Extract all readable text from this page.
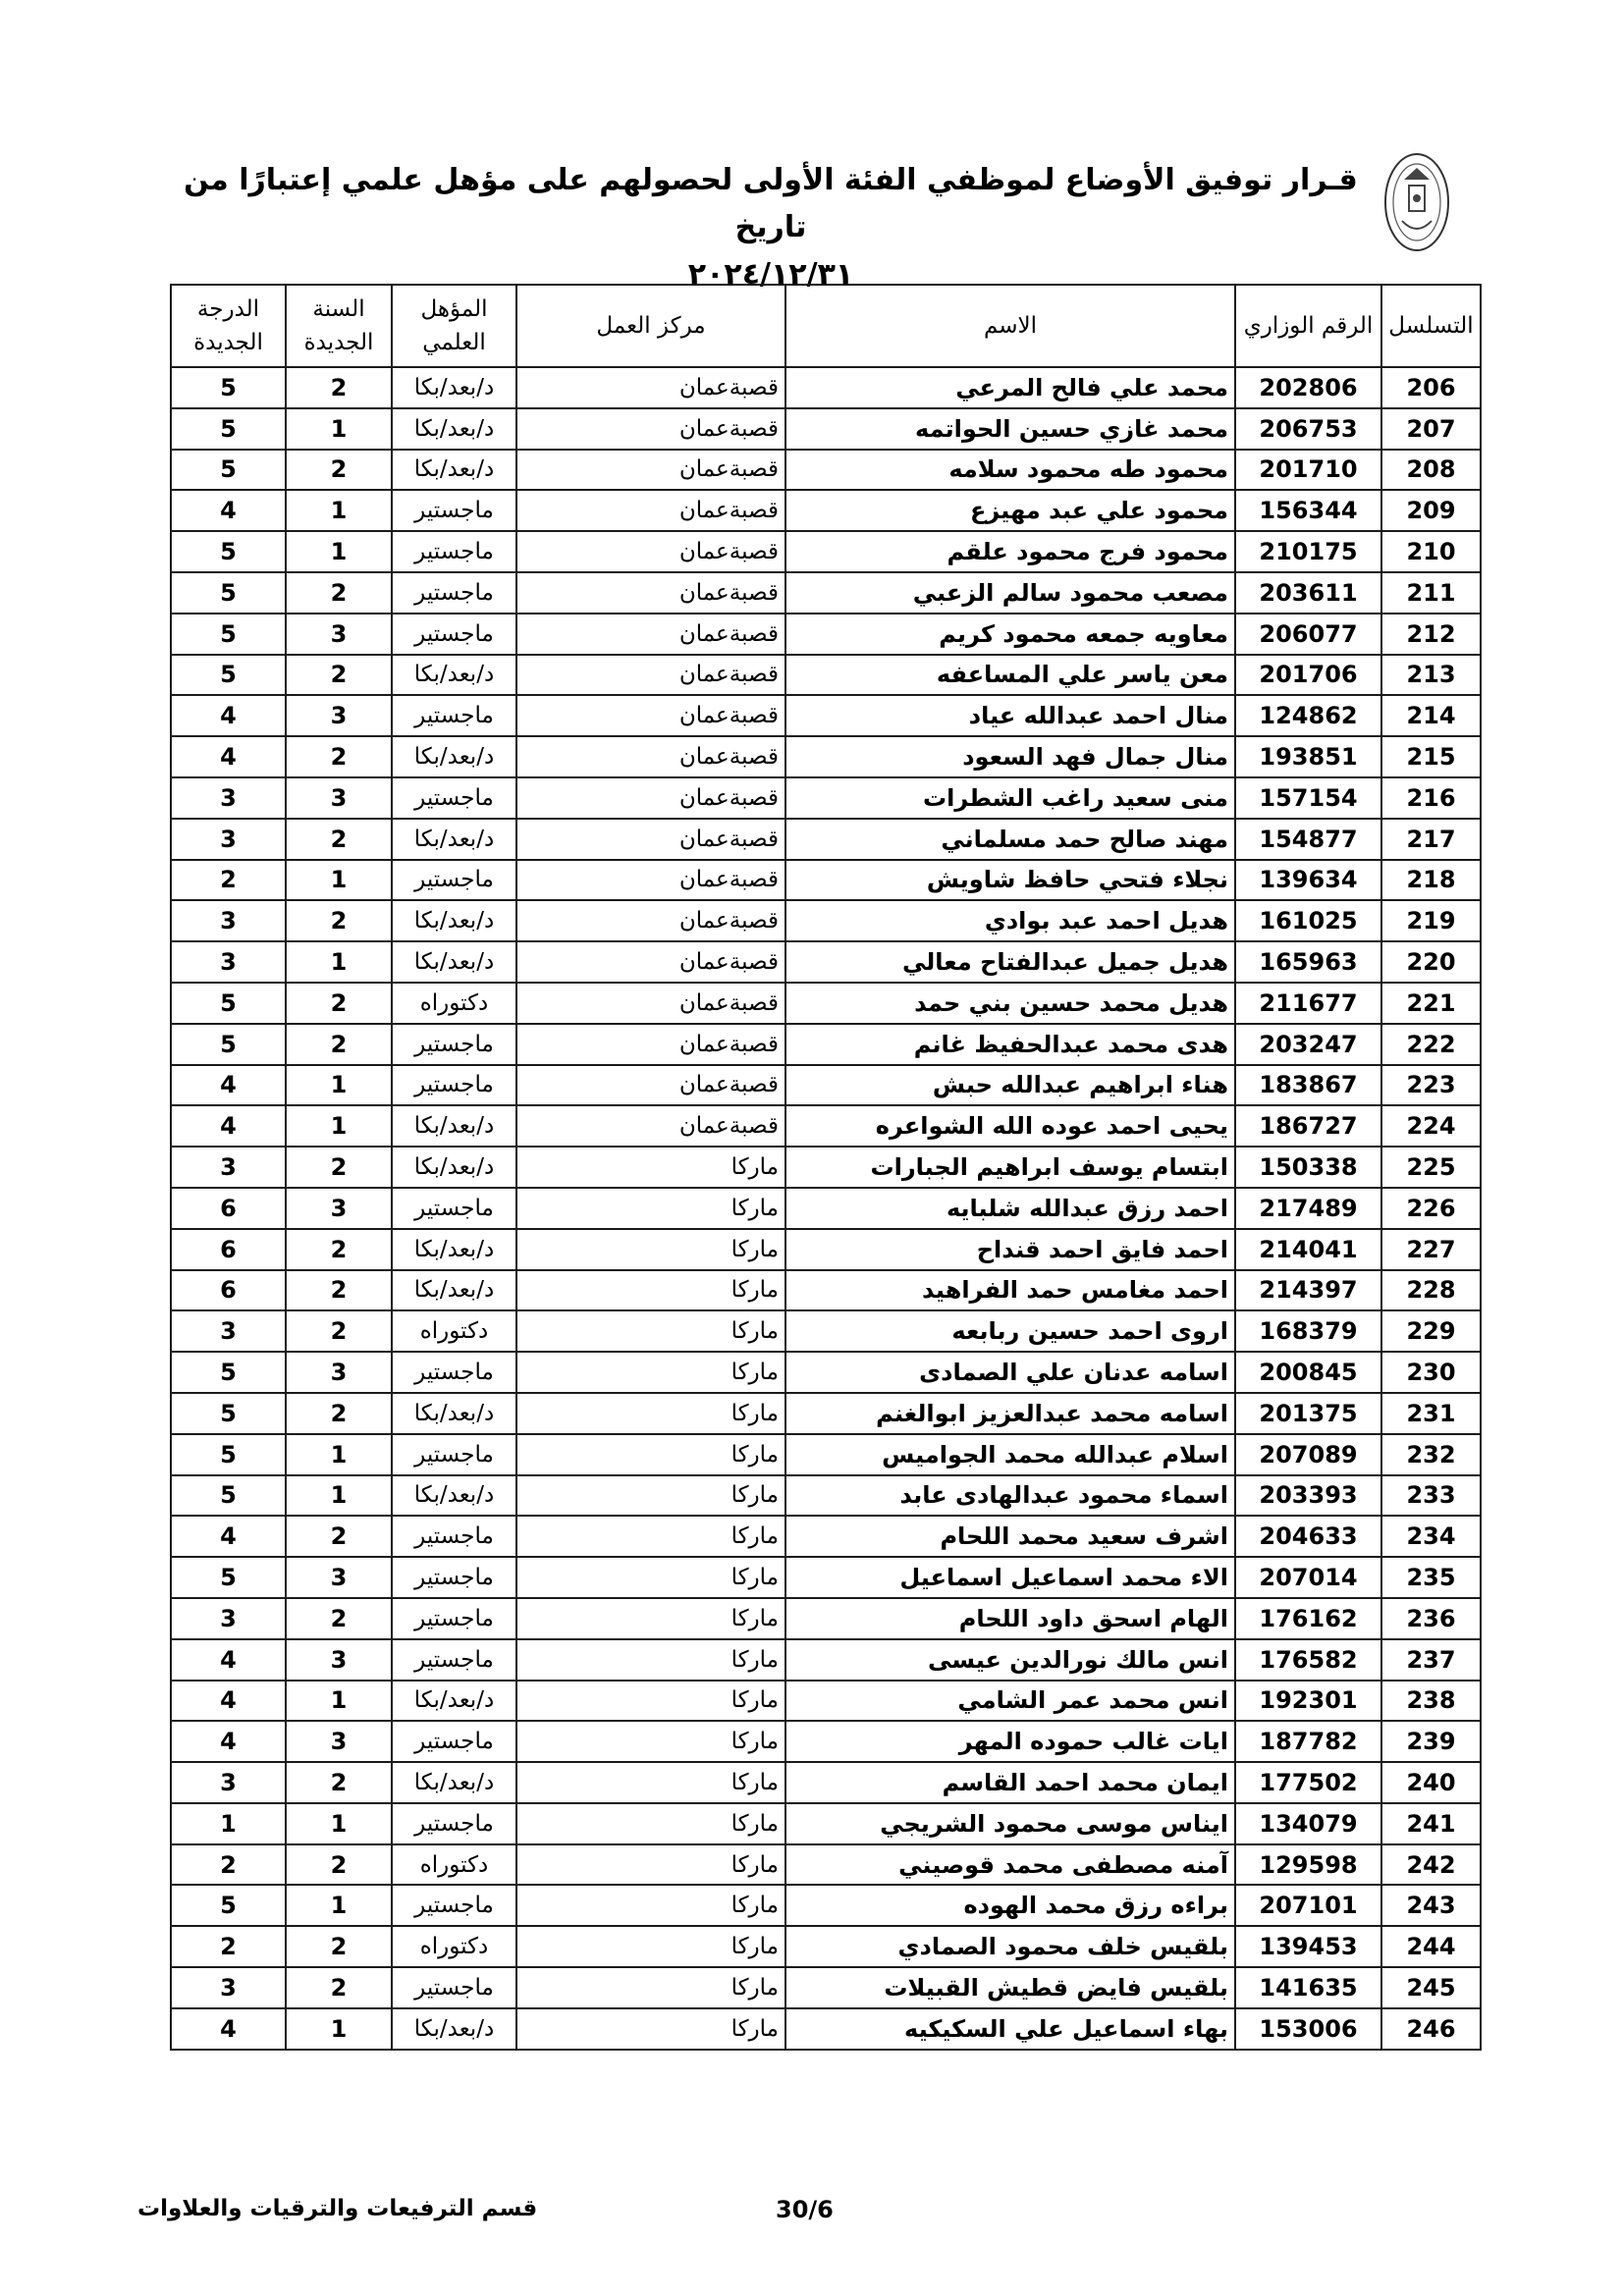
قـرار توفيق الأوضاع لموظفي الفئة الأولى لحصولهم على مؤهل علمي إعتبارًا من تاريخ
٢٠٢٤/١٢/٣١
التسلسل	الرقم الوزاري	الاسم	مركز العمل	المؤهل العلمي	السنة الجديدة	الدرجة الجديدة
206	202806	محمد علي فالح المرعي	قصبةعمان	د/بعد/بكا	2	5
207	206753	محمد غازي حسين الحواتمه	قصبةعمان	د/بعد/بكا	1	5
208	201710	محمود طه محمود سلامه	قصبةعمان	د/بعد/بكا	2	5
209	156344	محمود علي عبد مهيزع	قصبةعمان	ماجستير	1	4
210	210175	محمود فرج محمود علقم	قصبةعمان	ماجستير	1	5
211	203611	مصعب محمود سالم الزعبي	قصبةعمان	ماجستير	2	5
212	206077	معاويه جمعه محمود كريم	قصبةعمان	ماجستير	3	5
213	201706	معن ياسر علي المساعفه	قصبةعمان	د/بعد/بكا	2	5
214	124862	منال احمد عبدالله عياد	قصبةعمان	ماجستير	3	4
215	193851	منال جمال فهد السعود	قصبةعمان	د/بعد/بكا	2	4
216	157154	منى سعيد راغب الشطرات	قصبةعمان	ماجستير	3	3
217	154877	مهند صالح حمد مسلماني	قصبةعمان	د/بعد/بكا	2	3
218	139634	نجلاء فتحي حافظ شاويش	قصبةعمان	ماجستير	1	2
219	161025	هديل احمد عبد بوادي	قصبةعمان	د/بعد/بكا	2	3
220	165963	هديل جميل عبدالفتاح معالي	قصبةعمان	د/بعد/بكا	1	3
221	211677	هديل محمد حسين بني حمد	قصبةعمان	دكتوراه	2	5
222	203247	هدى محمد عبدالحفيظ غانم	قصبةعمان	ماجستير	2	5
223	183867	هناء ابراهيم عبدالله حبش	قصبةعمان	ماجستير	1	4
224	186727	يحيى احمد عوده الله الشواعره	قصبةعمان	د/بعد/بكا	1	4
225	150338	ابتسام يوسف ابراهيم الجبارات	ماركا	د/بعد/بكا	2	3
226	217489	احمد رزق عبدالله شلبايه	ماركا	ماجستير	3	6
227	214041	احمد فايق احمد قنداح	ماركا	د/بعد/بكا	2	6
228	214397	احمد مغامس حمد الفراهيد	ماركا	د/بعد/بكا	2	6
229	168379	اروى احمد حسين ربابعه	ماركا	دكتوراه	2	3
230	200845	اسامه عدنان علي الصمادى	ماركا	ماجستير	3	5
231	201375	اسامه محمد عبدالعزيز ابوالغنم	ماركا	د/بعد/بكا	2	5
232	207089	اسلام عبدالله محمد الجواميس	ماركا	ماجستير	1	5
233	203393	اسماء محمود عبدالهادى عابد	ماركا	د/بعد/بكا	1	5
234	204633	اشرف سعيد محمد اللحام	ماركا	ماجستير	2	4
235	207014	الاء محمد اسماعيل اسماعيل	ماركا	ماجستير	3	5
236	176162	الهام اسحق داود اللحام	ماركا	ماجستير	2	3
237	176582	انس مالك نورالدين عيسى	ماركا	ماجستير	3	4
238	192301	انس محمد عمر الشامي	ماركا	د/بعد/بكا	1	4
239	187782	ايات غالب حموده المهر	ماركا	ماجستير	3	4
240	177502	ايمان محمد احمد القاسم	ماركا	د/بعد/بكا	2	3
241	134079	ايناس موسى محمود الشريجي	ماركا	ماجستير	1	1
242	129598	آمنه مصطفى محمد قوصيني	ماركا	دكتوراه	2	2
243	207101	براءه رزق محمد الهوده	ماركا	ماجستير	1	5
244	139453	بلقيس خلف محمود الصمادي	ماركا	دكتوراه	2	2
245	141635	بلقيس فايض قطيش القبيلات	ماركا	ماجستير	2	3
246	153006	بهاء اسماعيل علي السكيكيه	ماركا	د/بعد/بكا	1	4
30/6
قسم الترفيعات والترقيات والعلاوات
